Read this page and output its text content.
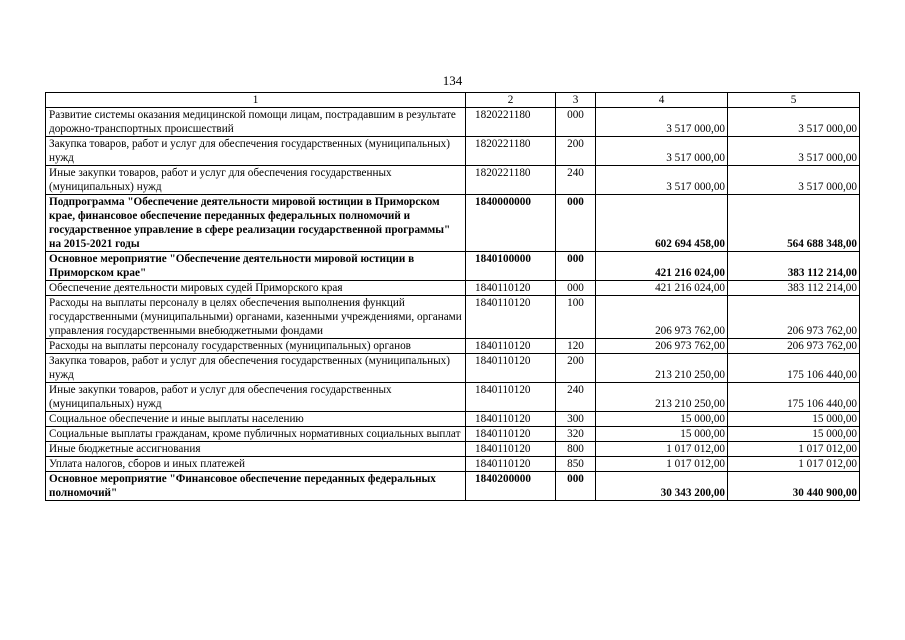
134
1	2	3	4	5
Развитие системы оказания медицинской помощи лицам, пострадавшим в результате дорожно-транспортных происшествий	1820221180	000	3 517 000,00	3 517 000,00
Закупка товаров, работ и услуг для обеспечения государственных (муниципальных) нужд	1820221180	200	3 517 000,00	3 517 000,00
Иные закупки товаров, работ и услуг для обеспечения государственных (муниципальных) нужд	1820221180	240	3 517 000,00	3 517 000,00
Подпрограмма "Обеспечение деятельности мировой юстиции в Приморском крае, финансовое обеспечение переданных федеральных полномочий и государственное управление в сфере реализации государственной программы" на 2015-2021 годы	1840000000	000	602 694 458,00	564 688 348,00
Основное мероприятие "Обеспечение деятельности мировой юстиции в Приморском крае"	1840100000	000	421 216 024,00	383 112 214,00
Обеспечение деятельности мировых судей Приморского края	1840110120	000	421 216 024,00	383 112 214,00
Расходы на выплаты персоналу в целях обеспечения выполнения функций государственными (муниципальными) органами, казенными учреждениями, органами управления государственными внебюджетными фондами	1840110120	100	206 973 762,00	206 973 762,00
Расходы на выплаты персоналу государственных (муниципальных) органов	1840110120	120	206 973 762,00	206 973 762,00
Закупка товаров, работ и услуг для обеспечения государственных (муниципальных) нужд	1840110120	200	213 210 250,00	175 106 440,00
Иные закупки товаров, работ и услуг для обеспечения государственных (муниципальных) нужд	1840110120	240	213 210 250,00	175 106 440,00
Социальное обеспечение и иные выплаты населению	1840110120	300	15 000,00	15 000,00
Социальные выплаты гражданам, кроме публичных нормативных социальных выплат	1840110120	320	15 000,00	15 000,00
Иные бюджетные ассигнования	1840110120	800	1 017 012,00	1 017 012,00
Уплата налогов, сборов и иных платежей	1840110120	850	1 017 012,00	1 017 012,00
Основное мероприятие "Финансовое обеспечение переданных федеральных полномочий"	1840200000	000	30 343 200,00	30 440 900,00
